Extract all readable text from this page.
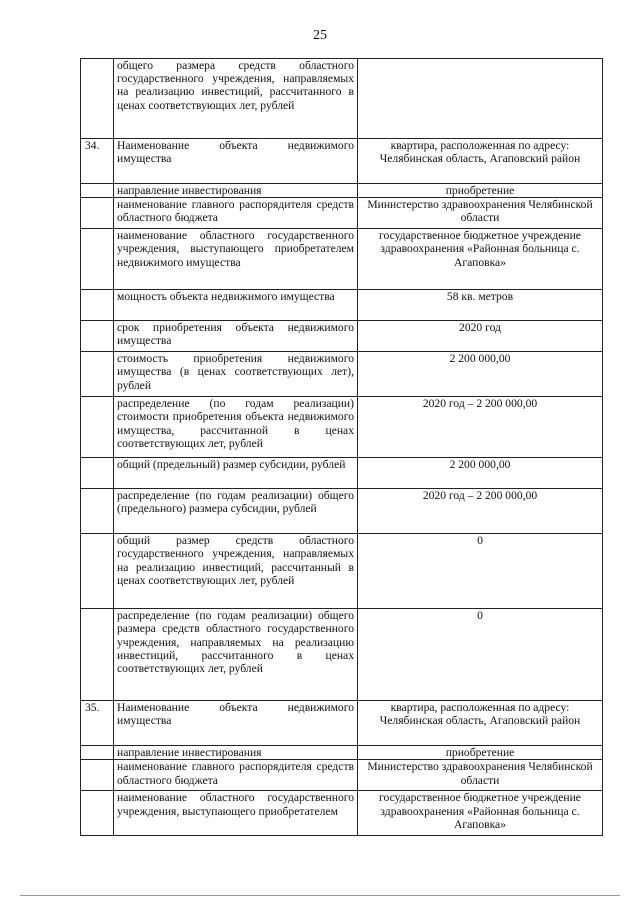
25
	общего размера средств областного государственного учреждения, направляемых на реализацию инвестиций, рассчитанного в ценах соответствующих лет, рублей	
34.	Наименование объекта недвижимого имущества	квартира, расположенная по адресу: Челябинская область, Агаповский район
	направление инвестирования	приобретение
	наименование главного распорядителя средств областного бюджета	Министерство здравоохранения Челябинской области
	наименование областного государственного учреждения, выступающего приобретателем недвижимого имущества	государственное бюджетное учреждение здравоохранения «Районная больница с. Агаповка»
	мощность объекта недвижимого имущества	58 кв. метров
	срок приобретения объекта недвижимого имущества	2020 год
	стоимость приобретения недвижимого имущества (в ценах соответствующих лет), рублей	2 200 000,00
	распределение (по годам реализации) стоимости приобретения объекта недвижимого имущества, рассчитанной в ценах соответствующих лет, рублей	2020 год – 2 200 000,00
	общий (предельный) размер субсидии, рублей	2 200 000,00
	распределение (по годам реализации) общего (предельного) размера субсидии, рублей	2020 год – 2 200 000,00
	общий размер средств областного государственного учреждения, направляемых на реализацию инвестиций, рассчитанный в ценах соответствующих лет, рублей	0
	распределение (по годам реализации) общего размера средств областного государственного учреждения, направляемых на реализацию инвестиций, рассчитанного в ценах соответствующих лет, рублей	0
35.	Наименование объекта недвижимого имущества	квартира, расположенная по адресу: Челябинская область, Агаповский район
	направление инвестирования	приобретение
	наименование главного распорядителя средств областного бюджета	Министерство здравоохранения Челябинской области
	наименование областного государственного учреждения, выступающего приобретателем	государственное бюджетное учреждение здравоохранения «Районная больница с. Агаповка»
